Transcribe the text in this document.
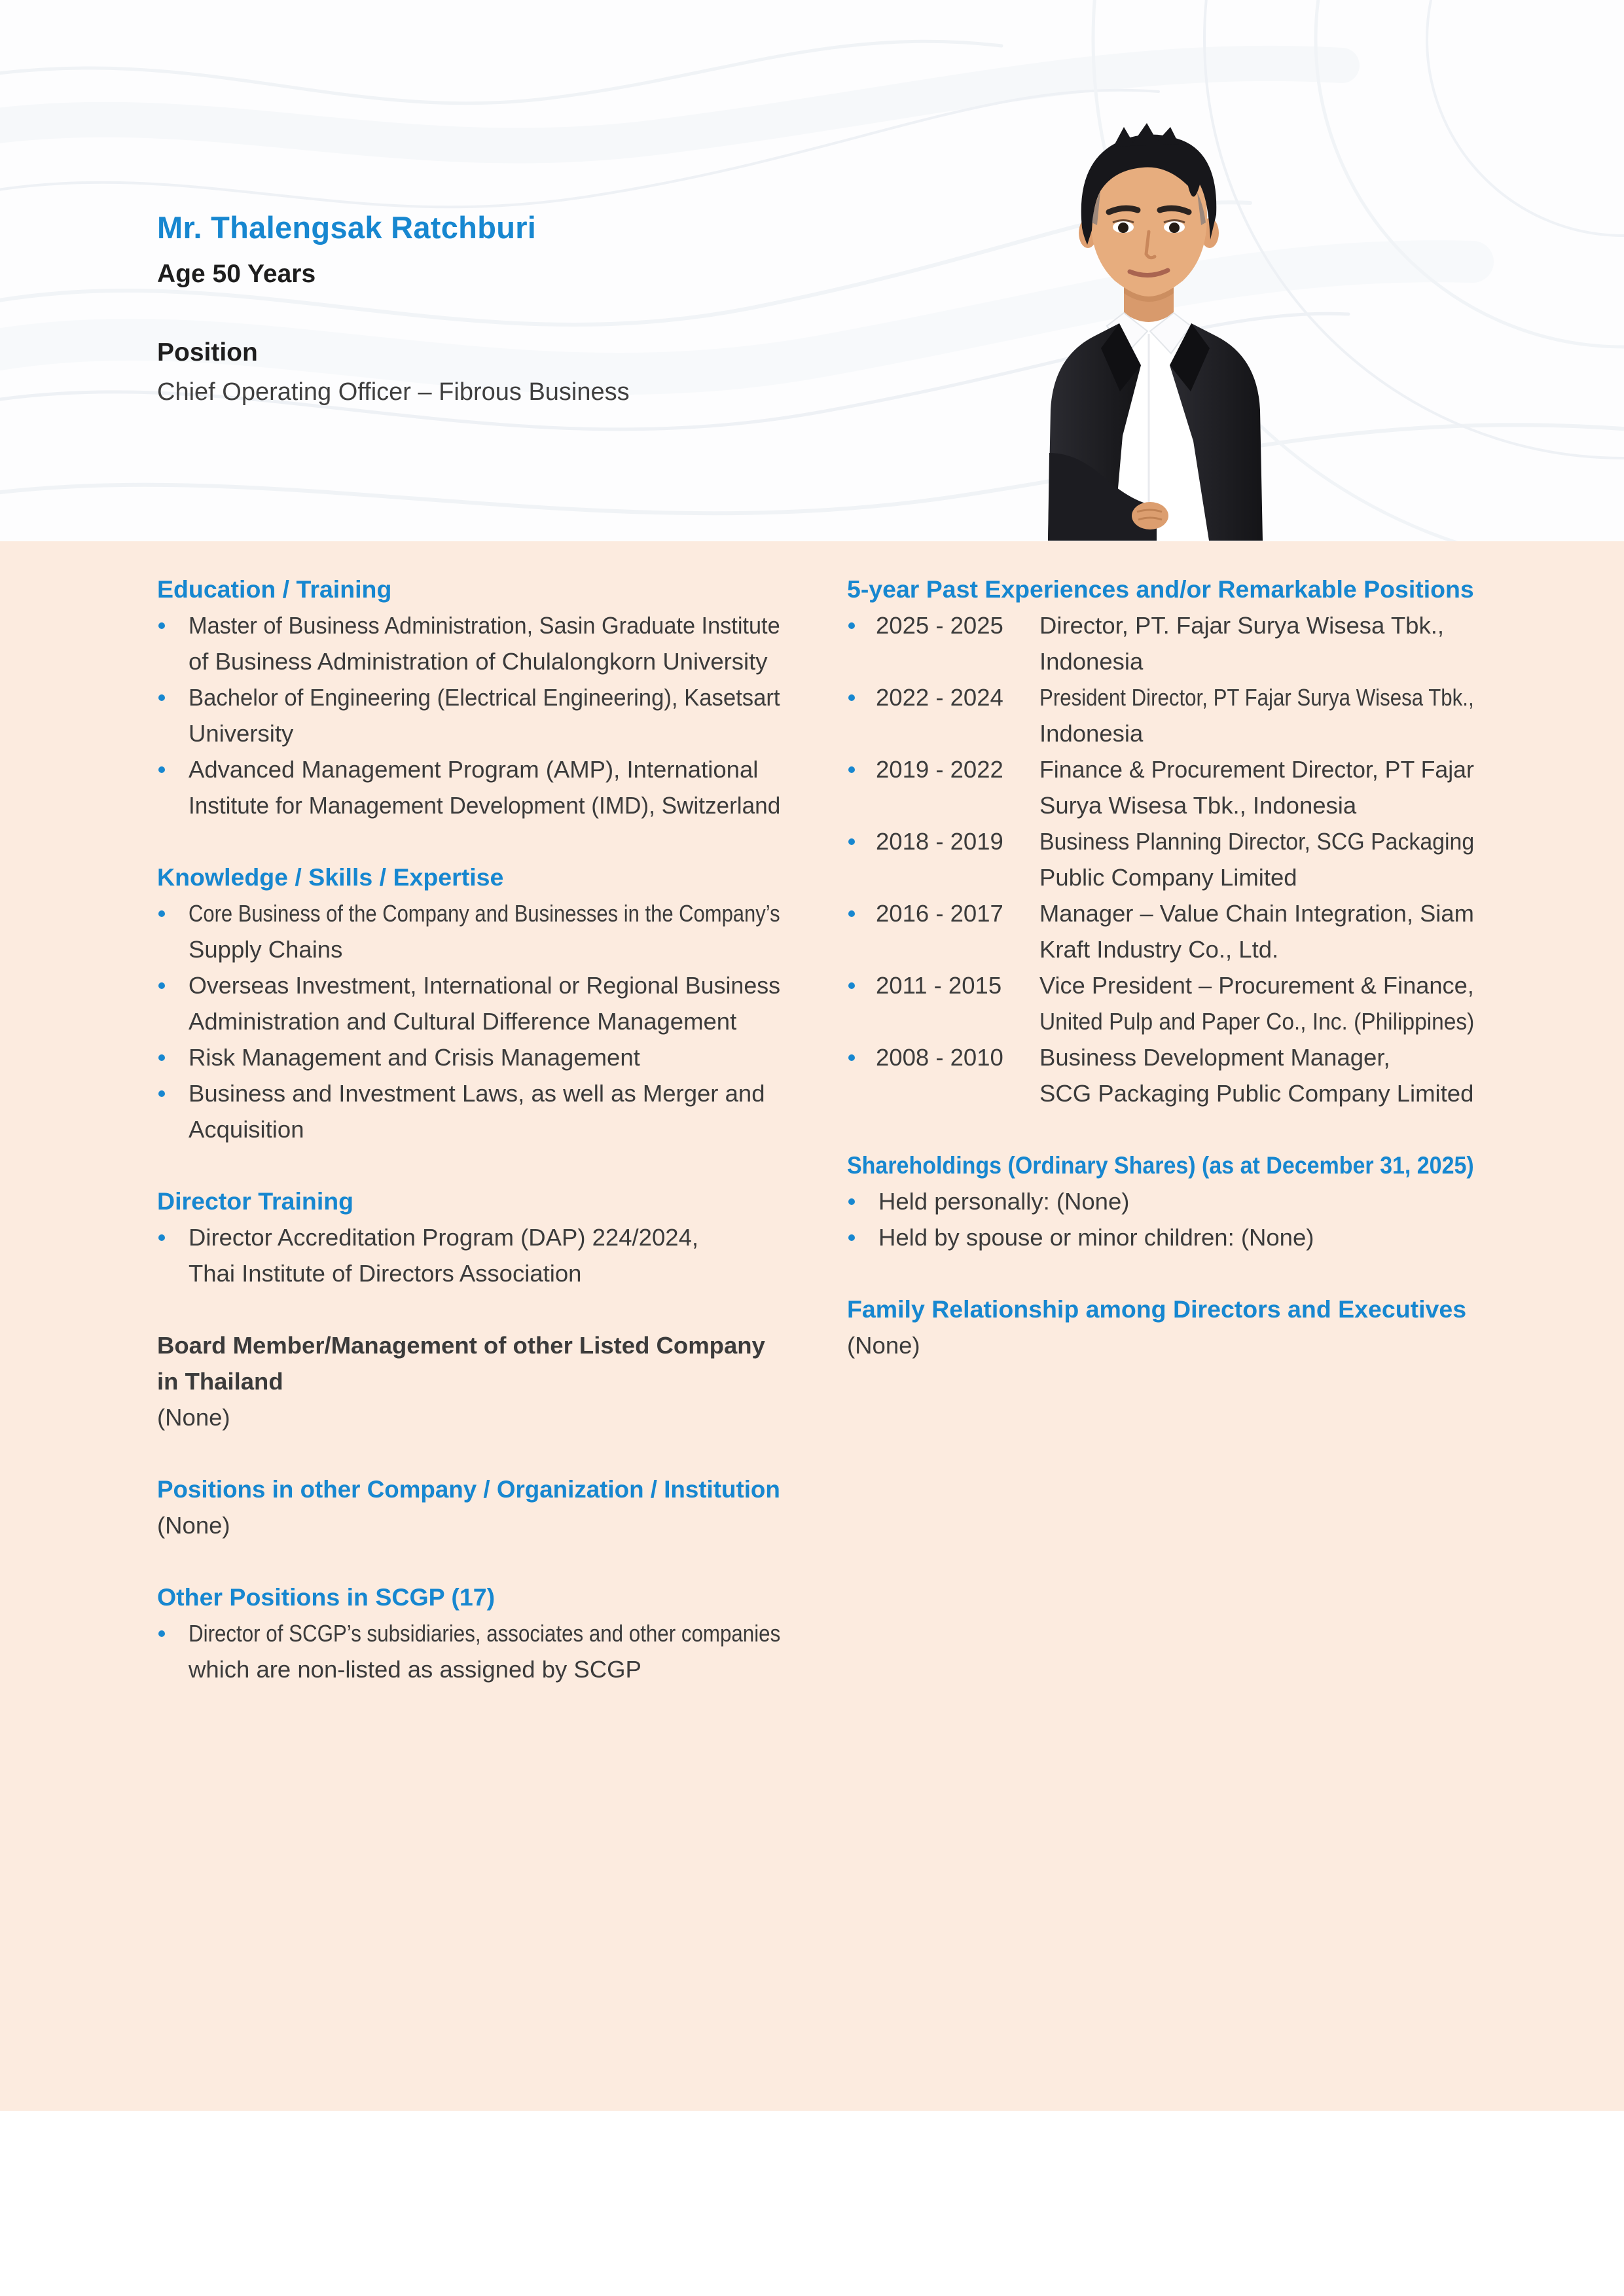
Mr. Thalengsak Ratchburi
Age 50 Years
Position
Chief Operating Officer – Fibrous Business
Education / Training
Master of Business Administration, Sasin Graduate Institute
of Business Administration of Chulalongkorn University
Bachelor of Engineering (Electrical Engineering), Kasetsart
University
Advanced Management Program (AMP), International
Institute for Management Development (IMD), Switzerland
Knowledge / Skills / Expertise
Core Business of the Company and Businesses in the Company’s
Supply Chains
Overseas Investment, International or Regional Business
Administration and Cultural Difference Management
Risk Management and Crisis Management
Business and Investment Laws, as well as Merger and
Acquisition
Director Training
Director Accreditation Program (DAP) 224/2024,
Thai Institute of Directors Association
Board Member/Management of other Listed Company
in Thailand
(None)
Positions in other Company / Organization / Institution
(None)
Other Positions in SCGP (17)
Director of SCGP’s subsidiaries, associates and other companies
which are non-listed as assigned by SCGP
5-year Past Experiences and/or Remarkable Positions
2025 - 2025	Director, PT. Fajar Surya Wisesa Tbk.,
Indonesia
2022 - 2024	President Director, PT Fajar Surya Wisesa Tbk.,
Indonesia
2019 - 2022	Finance & Procurement Director, PT Fajar
Surya Wisesa Tbk., Indonesia
2018 - 2019	Business Planning Director, SCG Packaging
Public Company Limited
2016 - 2017	Manager – Value Chain Integration, Siam
Kraft Industry Co., Ltd.
2011 - 2015	Vice President – Procurement & Finance,
United Pulp and Paper Co., Inc. (Philippines)
2008 - 2010	Business Development Manager,
SCG Packaging Public Company Limited
Shareholdings (Ordinary Shares) (as at December 31, 2025)
Held personally: (None)
Held by spouse or minor children: (None)
Family Relationship among Directors and Executives
(None)
